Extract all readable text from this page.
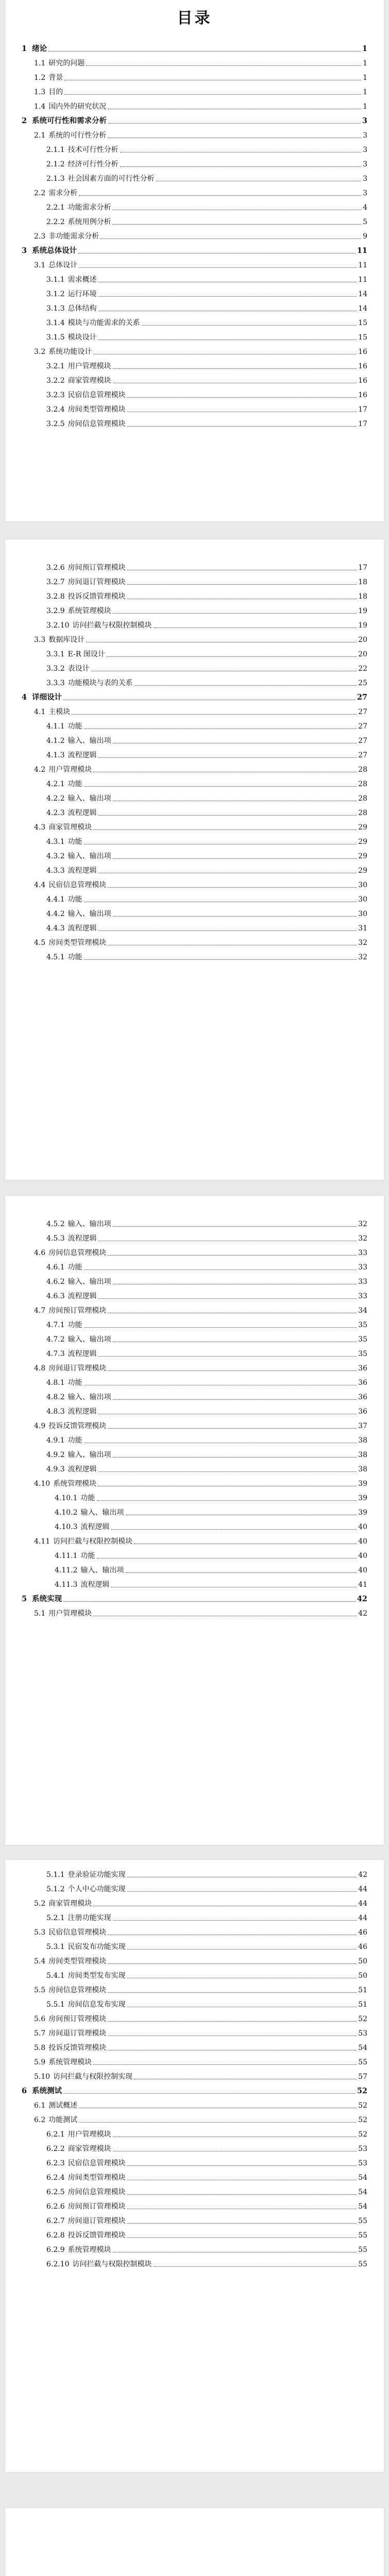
目录
1 绪论	1
1.1 研究的问题	1
1.2 背景	1
1.3 目的	1
1.4 国内外的研究状况	1
2 系统可行性和需求分析	3
2.1 系统的可行性分析	3
2.1.1 技术可行性分析	3
2.1.2 经济可行性分析	3
2.1.3 社会因素方面的可行性分析	3
2.2 需求分析	3
2.2.1 功能需求分析	4
2.2.2 系统用例分析	5
2.3 非功能需求分析	9
3 系统总体设计	11
3.1 总体设计	11
3.1.1 需求概述	11
3.1.2 运行环境	14
3.1.3 总体结构	14
3.1.4 模块与功能需求的关系	15
3.1.5 模块设计	15
3.2 系统功能设计	16
3.2.1 用户管理模块	16
3.2.2 商家管理模块	16
3.2.3 民宿信息管理模块	16
3.2.4 房间类型管理模块	17
3.2.5 房间信息管理模块	17
3.2.6 房间预订管理模块	17
3.2.7 房间退订管理模块	18
3.2.8 投诉反馈管理模块	18
3.2.9 系统管理模块	19
3.2.10 访问拦截与权限控制模块	19
3.3 数据库设计	20
3.3.1 E-R 图设计	20
3.3.2 表设计	22
3.3.3 功能模块与表的关系	25
4 详细设计	27
4.1 主模块	27
4.1.1 功能	27
4.1.2 输入、输出项	27
4.1.3 流程逻辑	27
4.2 用户管理模块	28
4.2.1 功能	28
4.2.2 输入、输出项	28
4.2.3 流程逻辑	28
4.3 商家管理模块	29
4.3.1 功能	29
4.3.2 输入、输出项	29
4.3.3 流程逻辑	29
4.4 民宿信息管理模块	30
4.4.1 功能	30
4.4.2 输入、输出项	30
4.4.3 流程逻辑	31
4.5 房间类型管理模块	32
4.5.1 功能	32
4.5.2 输入、输出项	32
4.5.3 流程逻辑	32
4.6 房间信息管理模块	33
4.6.1 功能	33
4.6.2 输入、输出项	33
4.6.3 流程逻辑	33
4.7 房间预订管理模块	34
4.7.1 功能	35
4.7.2 输入、输出项	35
4.7.3 流程逻辑	35
4.8 房间退订管理模块	36
4.8.1 功能	36
4.8.2 输入、输出项	36
4.8.3 流程逻辑	36
4.9 投诉反馈管理模块	37
4.9.1 功能	38
4.9.2 输入、输出项	38
4.9.3 流程逻辑	38
4.10 系统管理模块	39
4.10.1 功能	39
4.10.2 输入、输出项	39
4.10.3 流程逻辑	40
4.11 访问拦截与权限控制模块	40
4.11.1 功能	40
4.11.2 输入、输出项	40
4.11.3 流程逻辑	41
5 系统实现	42
5.1 用户管理模块	42
5.1.1 登录验证功能实现	42
5.1.2 个人中心功能实现	44
5.2 商家管理模块	44
5.2.1 注册功能实现	44
5.3 民宿信息管理模块	46
5.3.1 民宿发布功能实现	46
5.4 房间类型管理模块	50
5.4.1 房间类型发布实现	50
5.5 房间信息管理模块	51
5.5.1 房间信息发布实现	51
5.6 房间预订管理模块	52
5.7 房间退订管理模块	53
5.8 投诉反馈管理模块	54
5.9 系统管理模块	55
5.10 访问拦截与权限控制实现	57
6 系统测试	52
6.1 测试概述	52
6.2 功能测试	52
6.2.1 用户管理模块	52
6.2.2 商家管理模块	53
6.2.3 民宿信息管理模块	53
6.2.4 房间类型管理模块	54
6.2.5 房间信息管理模块	54
6.2.6 房间预订管理模块	54
6.2.7 房间退订管理模块	55
6.2.8 投诉反馈管理模块	55
6.2.9 系统管理模块	55
6.2.10 访问拦截与权限控制模块	55
